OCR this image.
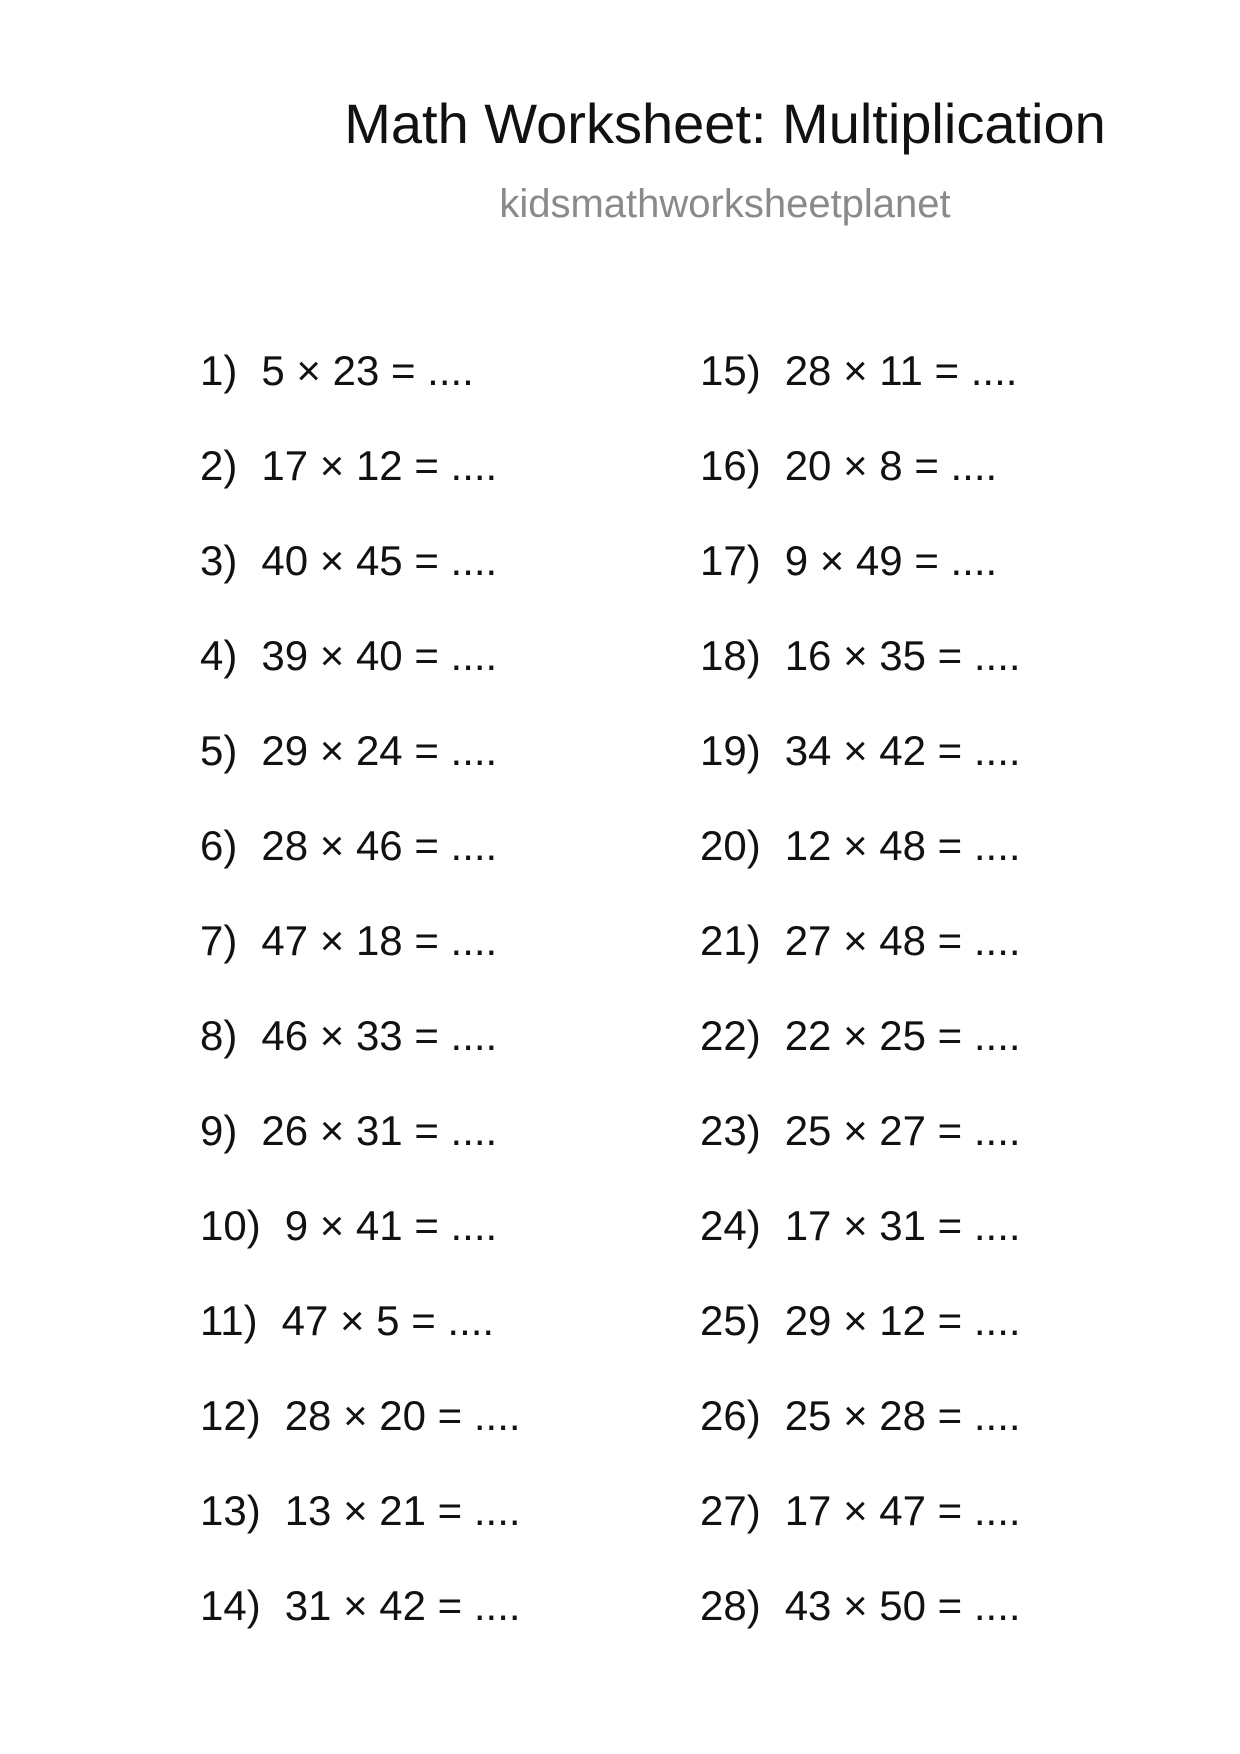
Math Worksheet: Multiplication
kidsmathworksheetplanet
1) 5 × 23 = ....
2) 17 × 12 = ....
3) 40 × 45 = ....
4) 39 × 40 = ....
5) 29 × 24 = ....
6) 28 × 46 = ....
7) 47 × 18 = ....
8) 46 × 33 = ....
9) 26 × 31 = ....
10) 9 × 41 = ....
11) 47 × 5 = ....
12) 28 × 20 = ....
13) 13 × 21 = ....
14) 31 × 42 = ....
15) 28 × 11 = ....
16) 20 × 8 = ....
17) 9 × 49 = ....
18) 16 × 35 = ....
19) 34 × 42 = ....
20) 12 × 48 = ....
21) 27 × 48 = ....
22) 22 × 25 = ....
23) 25 × 27 = ....
24) 17 × 31 = ....
25) 29 × 12 = ....
26) 25 × 28 = ....
27) 17 × 47 = ....
28) 43 × 50 = ....
